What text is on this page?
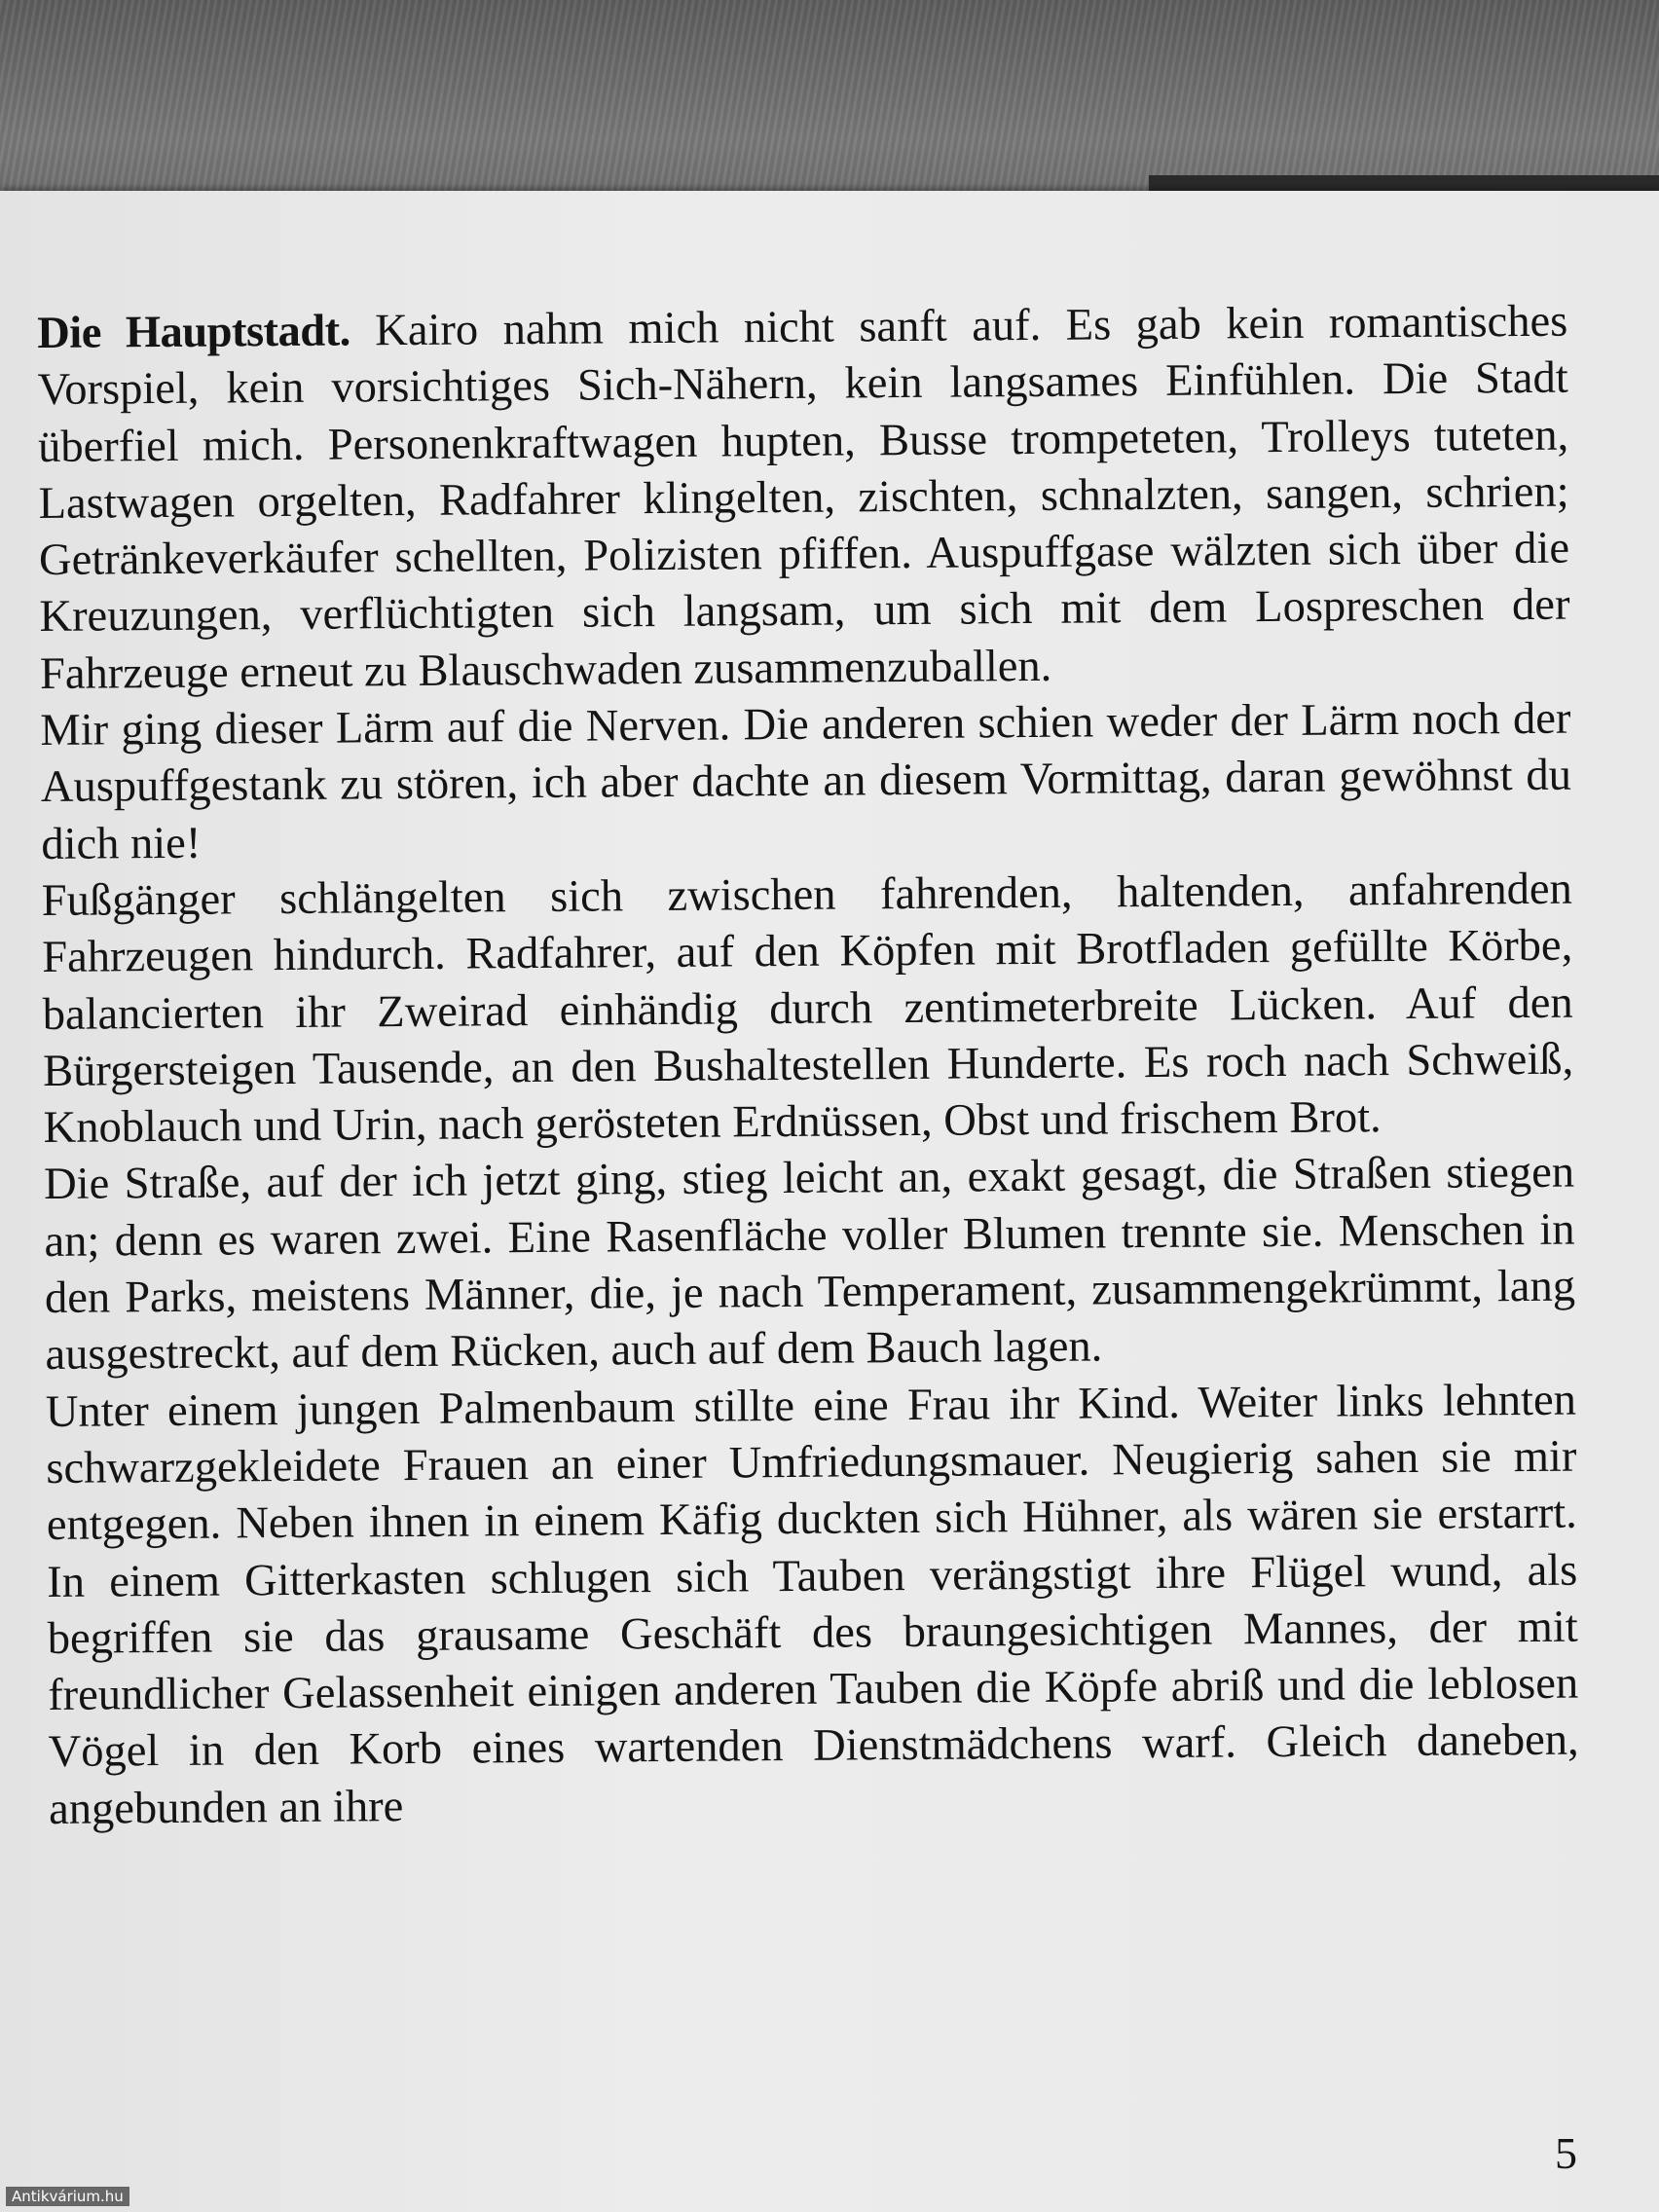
Die Hauptstadt. Kairo nahm mich nicht sanft auf. Es gab kein romantisches Vorspiel, kein vorsichtiges Sich-Nähern, kein langsames Einfühlen. Die Stadt überfiel mich. Personenkraftwagen hupten, Busse trompeteten, Trolleys tuteten, Lastwagen orgelten, Radfahrer klingelten, zischten, schnalzten, sangen, schrien; Getränkeverkäufer schellten, Polizisten pfiffen. Auspuffgase wälzten sich über die Kreuzungen, verflüchtigten sich langsam, um sich mit dem Lospreschen der Fahrzeuge erneut zu Blauschwaden zusammenzuballen.

Mir ging dieser Lärm auf die Nerven. Die anderen schien weder der Lärm noch der Auspuffgestank zu stören, ich aber dachte an diesem Vormittag, daran gewöhnst du dich nie!

Fußgänger schlängelten sich zwischen fahrenden, haltenden, anfahrenden Fahrzeugen hindurch. Radfahrer, auf den Köpfen mit Brotfladen gefüllte Körbe, balancierten ihr Zweirad einhändig durch zentimeterbreite Lücken. Auf den Bürgersteigen Tausende, an den Bushaltestellen Hunderte. Es roch nach Schweiß, Knoblauch und Urin, nach gerösteten Erdnüssen, Obst und frischem Brot.

Die Straße, auf der ich jetzt ging, stieg leicht an, exakt gesagt, die Straßen stiegen an; denn es waren zwei. Eine Rasenfläche voller Blumen trennte sie. Menschen in den Parks, meistens Männer, die, je nach Temperament, zusammengekrümmt, lang ausgestreckt, auf dem Rücken, auch auf dem Bauch lagen.

Unter einem jungen Palmenbaum stillte eine Frau ihr Kind. Weiter links lehnten schwarzgekleidete Frauen an einer Umfriedungsmauer. Neugierig sahen sie mir entgegen. Neben ihnen in einem Käfig duckten sich Hühner, als wären sie erstarrt. In einem Gitterkasten schlugen sich Tauben verängstigt ihre Flügel wund, als begriffen sie das grausame Geschäft des braungesichtigen Mannes, der mit freundlicher Gelassenheit einigen anderen Tauben die Köpfe abriß und die leblosen Vögel in den Korb eines wartenden Dienstmädchens warf. Gleich daneben, angebunden an ihre

5
Antikvárium.hu
